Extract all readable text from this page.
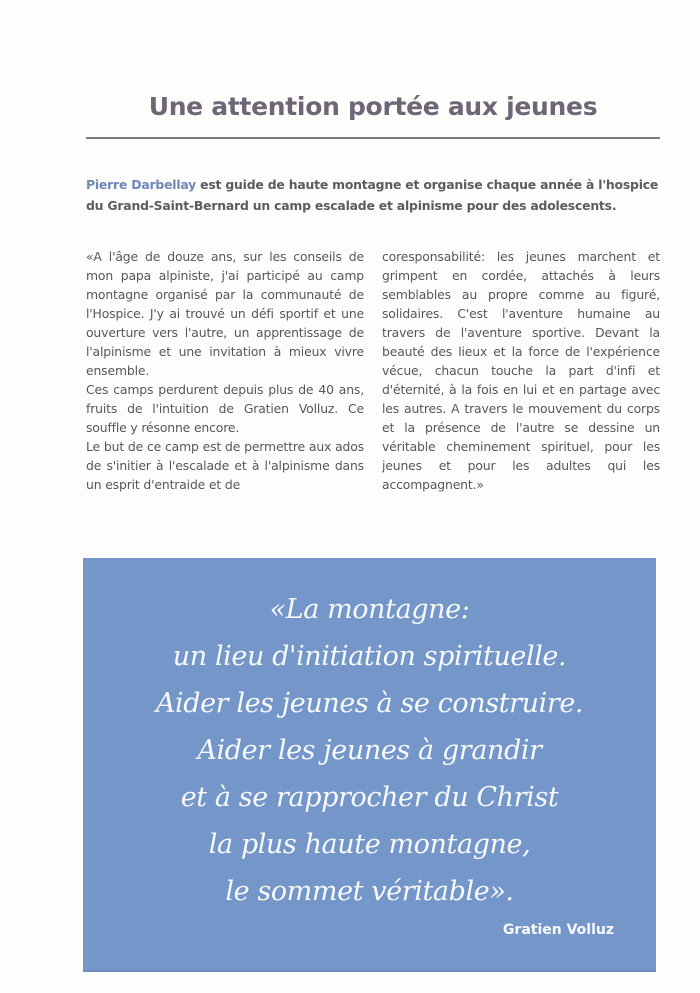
Une attention portée aux jeunes

Pierre Darbellay est guide de haute montagne et organise chaque année à l'hospice du Grand-Saint-Bernard un camp escalade et alpinisme pour des adolescents.

«A l'âge de douze ans, sur les conseils de mon papa alpiniste, j'ai participé au camp montagne organisé par la communauté de l'Hospice. J'y ai trouvé un défi sportif et une ouverture vers l'autre, un apprentissage de l'alpinisme et une invitation à mieux vivre ensemble.

Ces camps perdurent depuis plus de 40 ans, fruits de l'intuition de Gratien Volluz. Ce souffle y résonne encore.

Le but de ce camp est de permettre aux ados de s'initier à l'escalade et à l'alpinisme dans un esprit d'entraide et de

coresponsabilité: les jeunes marchent et grimpent en cordée, attachés à leurs semblables au propre comme au figuré, solidaires. C'est l'aventure humaine au travers de l'aventure sportive. Devant la beauté des lieux et la force de l'expérience vécue, chacun touche la part d'infi et d'éternité, à la fois en lui et en partage avec les autres. A travers le mouvement du corps et la présence de l'autre se dessine un véritable cheminement spirituel, pour les jeunes et pour les adultes qui les accompagnent.»

«La montagne:
un lieu d'initiation spirituelle.
Aider les jeunes à se construire.
Aider les jeunes à grandir
et à se rapprocher du Christ
la plus haute montagne,
le sommet véritable».
Gratien Volluz
